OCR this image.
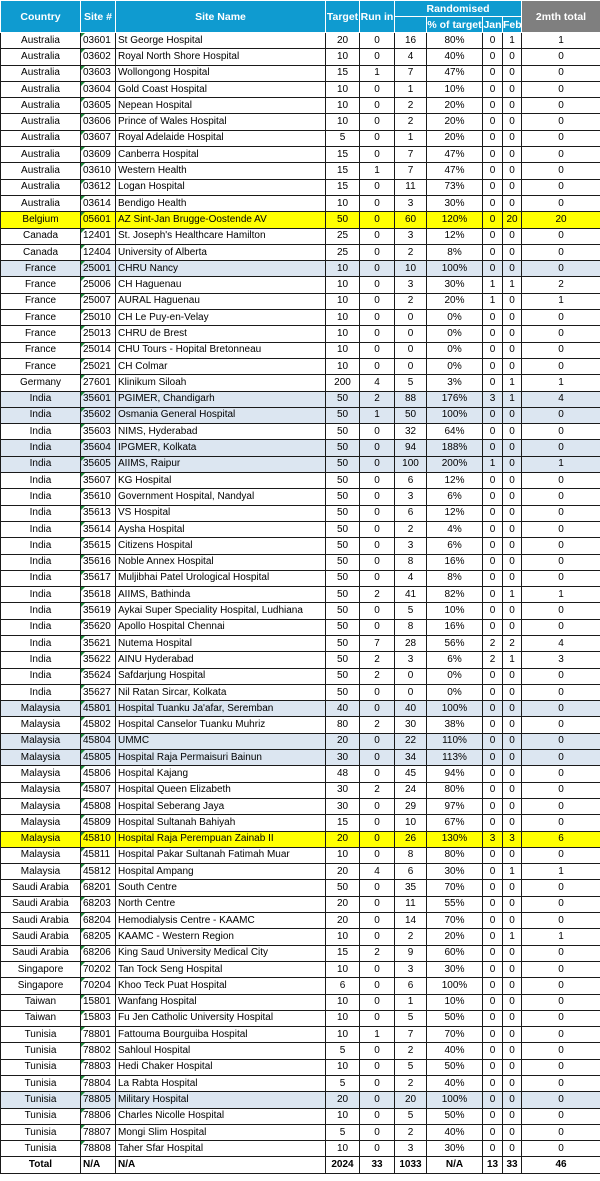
Country	Site #	Site Name	Target	Run in	Randomised				2mth total
						% of target	Jan	Feb	
Australia	03601	St George Hospital	20	0	16	80%	0	1	1
Australia	03602	Royal North Shore Hospital	10	0	4	40%	0	0	0
Australia	03603	Wollongong Hospital	15	1	7	47%	0	0	0
Australia	03604	Gold Coast Hospital	10	0	1	10%	0	0	0
Australia	03605	Nepean Hospital	10	0	2	20%	0	0	0
Australia	03606	Prince of Wales Hospital	10	0	2	20%	0	0	0
Australia	03607	Royal Adelaide Hospital	5	0	1	20%	0	0	0
Australia	03609	Canberra Hospital	15	0	7	47%	0	0	0
Australia	03610	Western Health	15	1	7	47%	0	0	0
Australia	03612	Logan Hospital	15	0	11	73%	0	0	0
Australia	03614	Bendigo Health	10	0	3	30%	0	0	0
Belgium	05601	AZ Sint-Jan Brugge-Oostende AV	50	0	60	120%	0	20	20
Canada	12401	St. Joseph's Healthcare Hamilton	25	0	3	12%	0	0	0
Canada	12404	University of Alberta	25	0	2	8%	0	0	0
France	25001	CHRU Nancy	10	0	10	100%	0	0	0
France	25006	CH Haguenau	10	0	3	30%	1	1	2
France	25007	AURAL Haguenau	10	0	2	20%	1	0	1
France	25010	CH Le Puy-en-Velay	10	0	0	0%	0	0	0
France	25013	CHRU de Brest	10	0	0	0%	0	0	0
France	25014	CHU Tours - Hopital Bretonneau	10	0	0	0%	0	0	0
France	25021	CH Colmar	10	0	0	0%	0	0	0
Germany	27601	Klinikum Siloah	200	4	5	3%	0	1	1
India	35601	PGIMER, Chandigarh	50	2	88	176%	3	1	4
India	35602	Osmania General Hospital	50	1	50	100%	0	0	0
India	35603	NIMS, Hyderabad	50	0	32	64%	0	0	0
India	35604	IPGMER, Kolkata	50	0	94	188%	0	0	0
India	35605	AIIMS, Raipur	50	0	100	200%	1	0	1
India	35607	KG Hospital	50	0	6	12%	0	0	0
India	35610	Government Hospital, Nandyal	50	0	3	6%	0	0	0
India	35613	VS Hospital	50	0	6	12%	0	0	0
India	35614	Aysha Hospital	50	0	2	4%	0	0	0
India	35615	Citizens Hospital	50	0	3	6%	0	0	0
India	35616	Noble Annex Hospital	50	0	8	16%	0	0	0
India	35617	Muljibhai Patel Urological Hospital	50	0	4	8%	0	0	0
India	35618	AIIMS, Bathinda	50	2	41	82%	0	1	1
India	35619	Aykai Super Speciality Hospital, Ludhiana	50	0	5	10%	0	0	0
India	35620	Apollo Hospital Chennai	50	0	8	16%	0	0	0
India	35621	Nutema Hospital	50	7	28	56%	2	2	4
India	35622	AINU Hyderabad	50	2	3	6%	2	1	3
India	35624	Safdarjung Hospital	50	2	0	0%	0	0	0
India	35627	Nil Ratan Sircar, Kolkata	50	0	0	0%	0	0	0
Malaysia	45801	Hospital Tuanku Ja'afar, Seremban	40	0	40	100%	0	0	0
Malaysia	45802	Hospital Canselor Tuanku Muhriz	80	2	30	38%	0	0	0
Malaysia	45804	UMMC	20	0	22	110%	0	0	0
Malaysia	45805	Hospital Raja Permaisuri Bainun	30	0	34	113%	0	0	0
Malaysia	45806	Hospital Kajang	48	0	45	94%	0	0	0
Malaysia	45807	Hospital Queen Elizabeth	30	2	24	80%	0	0	0
Malaysia	45808	Hospital Seberang Jaya	30	0	29	97%	0	0	0
Malaysia	45809	Hospital Sultanah Bahiyah	15	0	10	67%	0	0	0
Malaysia	45810	Hospital Raja Perempuan Zainab II	20	0	26	130%	3	3	6
Malaysia	45811	Hospital Pakar Sultanah Fatimah Muar	10	0	8	80%	0	0	0
Malaysia	45812	Hospital Ampang	20	4	6	30%	0	1	1
Saudi Arabia	68201	South Centre	50	0	35	70%	0	0	0
Saudi Arabia	68203	North Centre	20	0	11	55%	0	0	0
Saudi Arabia	68204	Hemodialysis Centre - KAAMC	20	0	14	70%	0	0	0
Saudi Arabia	68205	KAAMC - Western Region	10	0	2	20%	0	1	1
Saudi Arabia	68206	King Saud University Medical City	15	2	9	60%	0	0	0
Singapore	70202	Tan Tock Seng Hospital	10	0	3	30%	0	0	0
Singapore	70204	Khoo Teck Puat Hospital	6	0	6	100%	0	0	0
Taiwan	15801	Wanfang Hospital	10	0	1	10%	0	0	0
Taiwan	15803	Fu Jen Catholic University Hospital	10	0	5	50%	0	0	0
Tunisia	78801	Fattouma Bourguiba Hospital	10	1	7	70%	0	0	0
Tunisia	78802	Sahloul Hospital	5	0	2	40%	0	0	0
Tunisia	78803	Hedi Chaker Hospital	10	0	5	50%	0	0	0
Tunisia	78804	La Rabta Hospital	5	0	2	40%	0	0	0
Tunisia	78805	Military Hospital	20	0	20	100%	0	0	0
Tunisia	78806	Charles Nicolle Hospital	10	0	5	50%	0	0	0
Tunisia	78807	Mongi Slim Hospital	5	0	2	40%	0	0	0
Tunisia	78808	Taher Sfar Hospital	10	0	3	30%	0	0	0
Total	N/A	N/A	2024	33	1033	N/A	13	33	46
